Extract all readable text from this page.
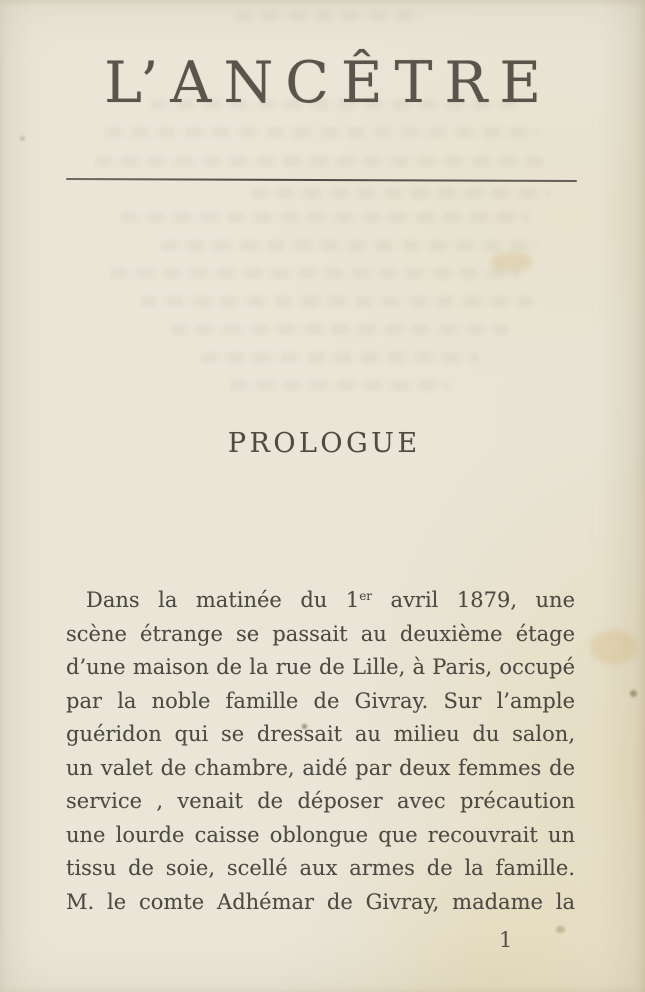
L’ANCÊTRE
PROLOGUE
Dans la matinée du 1er avril 1879, une
scène étrange se passait au deuxième étage
d’une maison de la rue de Lille, à Paris, occupé
par la noble famille de Givray. Sur l’ample
guéridon qui se dressait au milieu du salon,
un valet de chambre, aidé par deux femmes de
service , venait de déposer avec précaution
une lourde caisse oblongue que recouvrait un
tissu de soie, scellé aux armes de la famille.
M. le comte Adhémar de Givray, madame la
1
